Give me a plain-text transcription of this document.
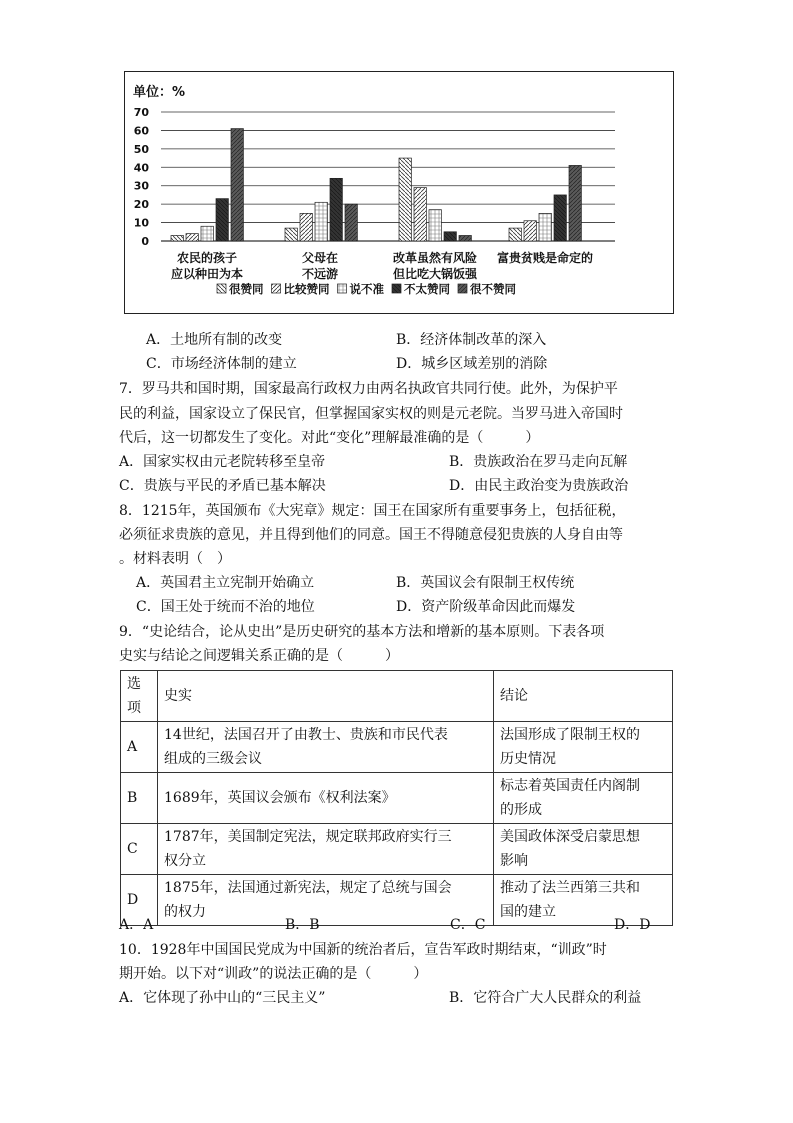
单位：%
0
10
20
30
40
50
60
70
农民的孩子
应以种田为本
父母在
不远游
改革虽然有风险
但比吃大锅饭强
富贵贫贱是命定的
很赞同 比较赞同 说不准 不太赞同 很不赞同
A．土地所有制的改变	B．经济体制改革的深入
C．市场经济体制的建立	D．城乡区域差别的消除
7．罗马共和国时期，国家最高行政权力由两名执政官共同行使。此外，为保护平
民的利益，国家设立了保民官，但掌握国家实权的则是元老院。当罗马进入帝国时
代后，这一切都发生了变化。对此“变化”理解最准确的是（　　　）
A．国家实权由元老院转移至皇帝	B．贵族政治在罗马走向瓦解
C．贵族与平民的矛盾已基本解决	D．由民主政治变为贵族政治
8．1215年，英国颁布《大宪章》规定：国王在国家所有重要事务上，包括征税，
必须征求贵族的意见，并且得到他们的同意。国王不得随意侵犯贵族的人身自由等
。材料表明（　）
A．英国君主立宪制开始确立	B．英国议会有限制王权传统
C．国王处于统而不治的地位	D．资产阶级革命因此而爆发
9．“史论结合，论从史出”是历史研究的基本方法和增新的基本原则。下表各项
史实与结论之间逻辑关系正确的是（　　　）
选
项	史实	结论
A	14世纪，法国召开了由教士、贵族和市民代表
组成的三级会议	法国形成了限制王权的
历史情况
B	1689年，英国议会颁布《权利法案》	标志着英国责任内阁制
的形成
C	1787年，美国制定宪法，规定联邦政府实行三
权分立	美国政体深受启蒙思想
影响
D	1875年，法国通过新宪法，规定了总统与国会
的权力	推动了法兰西第三共和
国的建立
A．A	B．B	C．C	D．D
10．1928年中国国民党成为中国新的统治者后，宣告军政时期结束，“训政”时
期开始。以下对“训政”的说法正确的是（　　　）
A．它体现了孙中山的“三民主义”	B．它符合广大人民群众的利益
